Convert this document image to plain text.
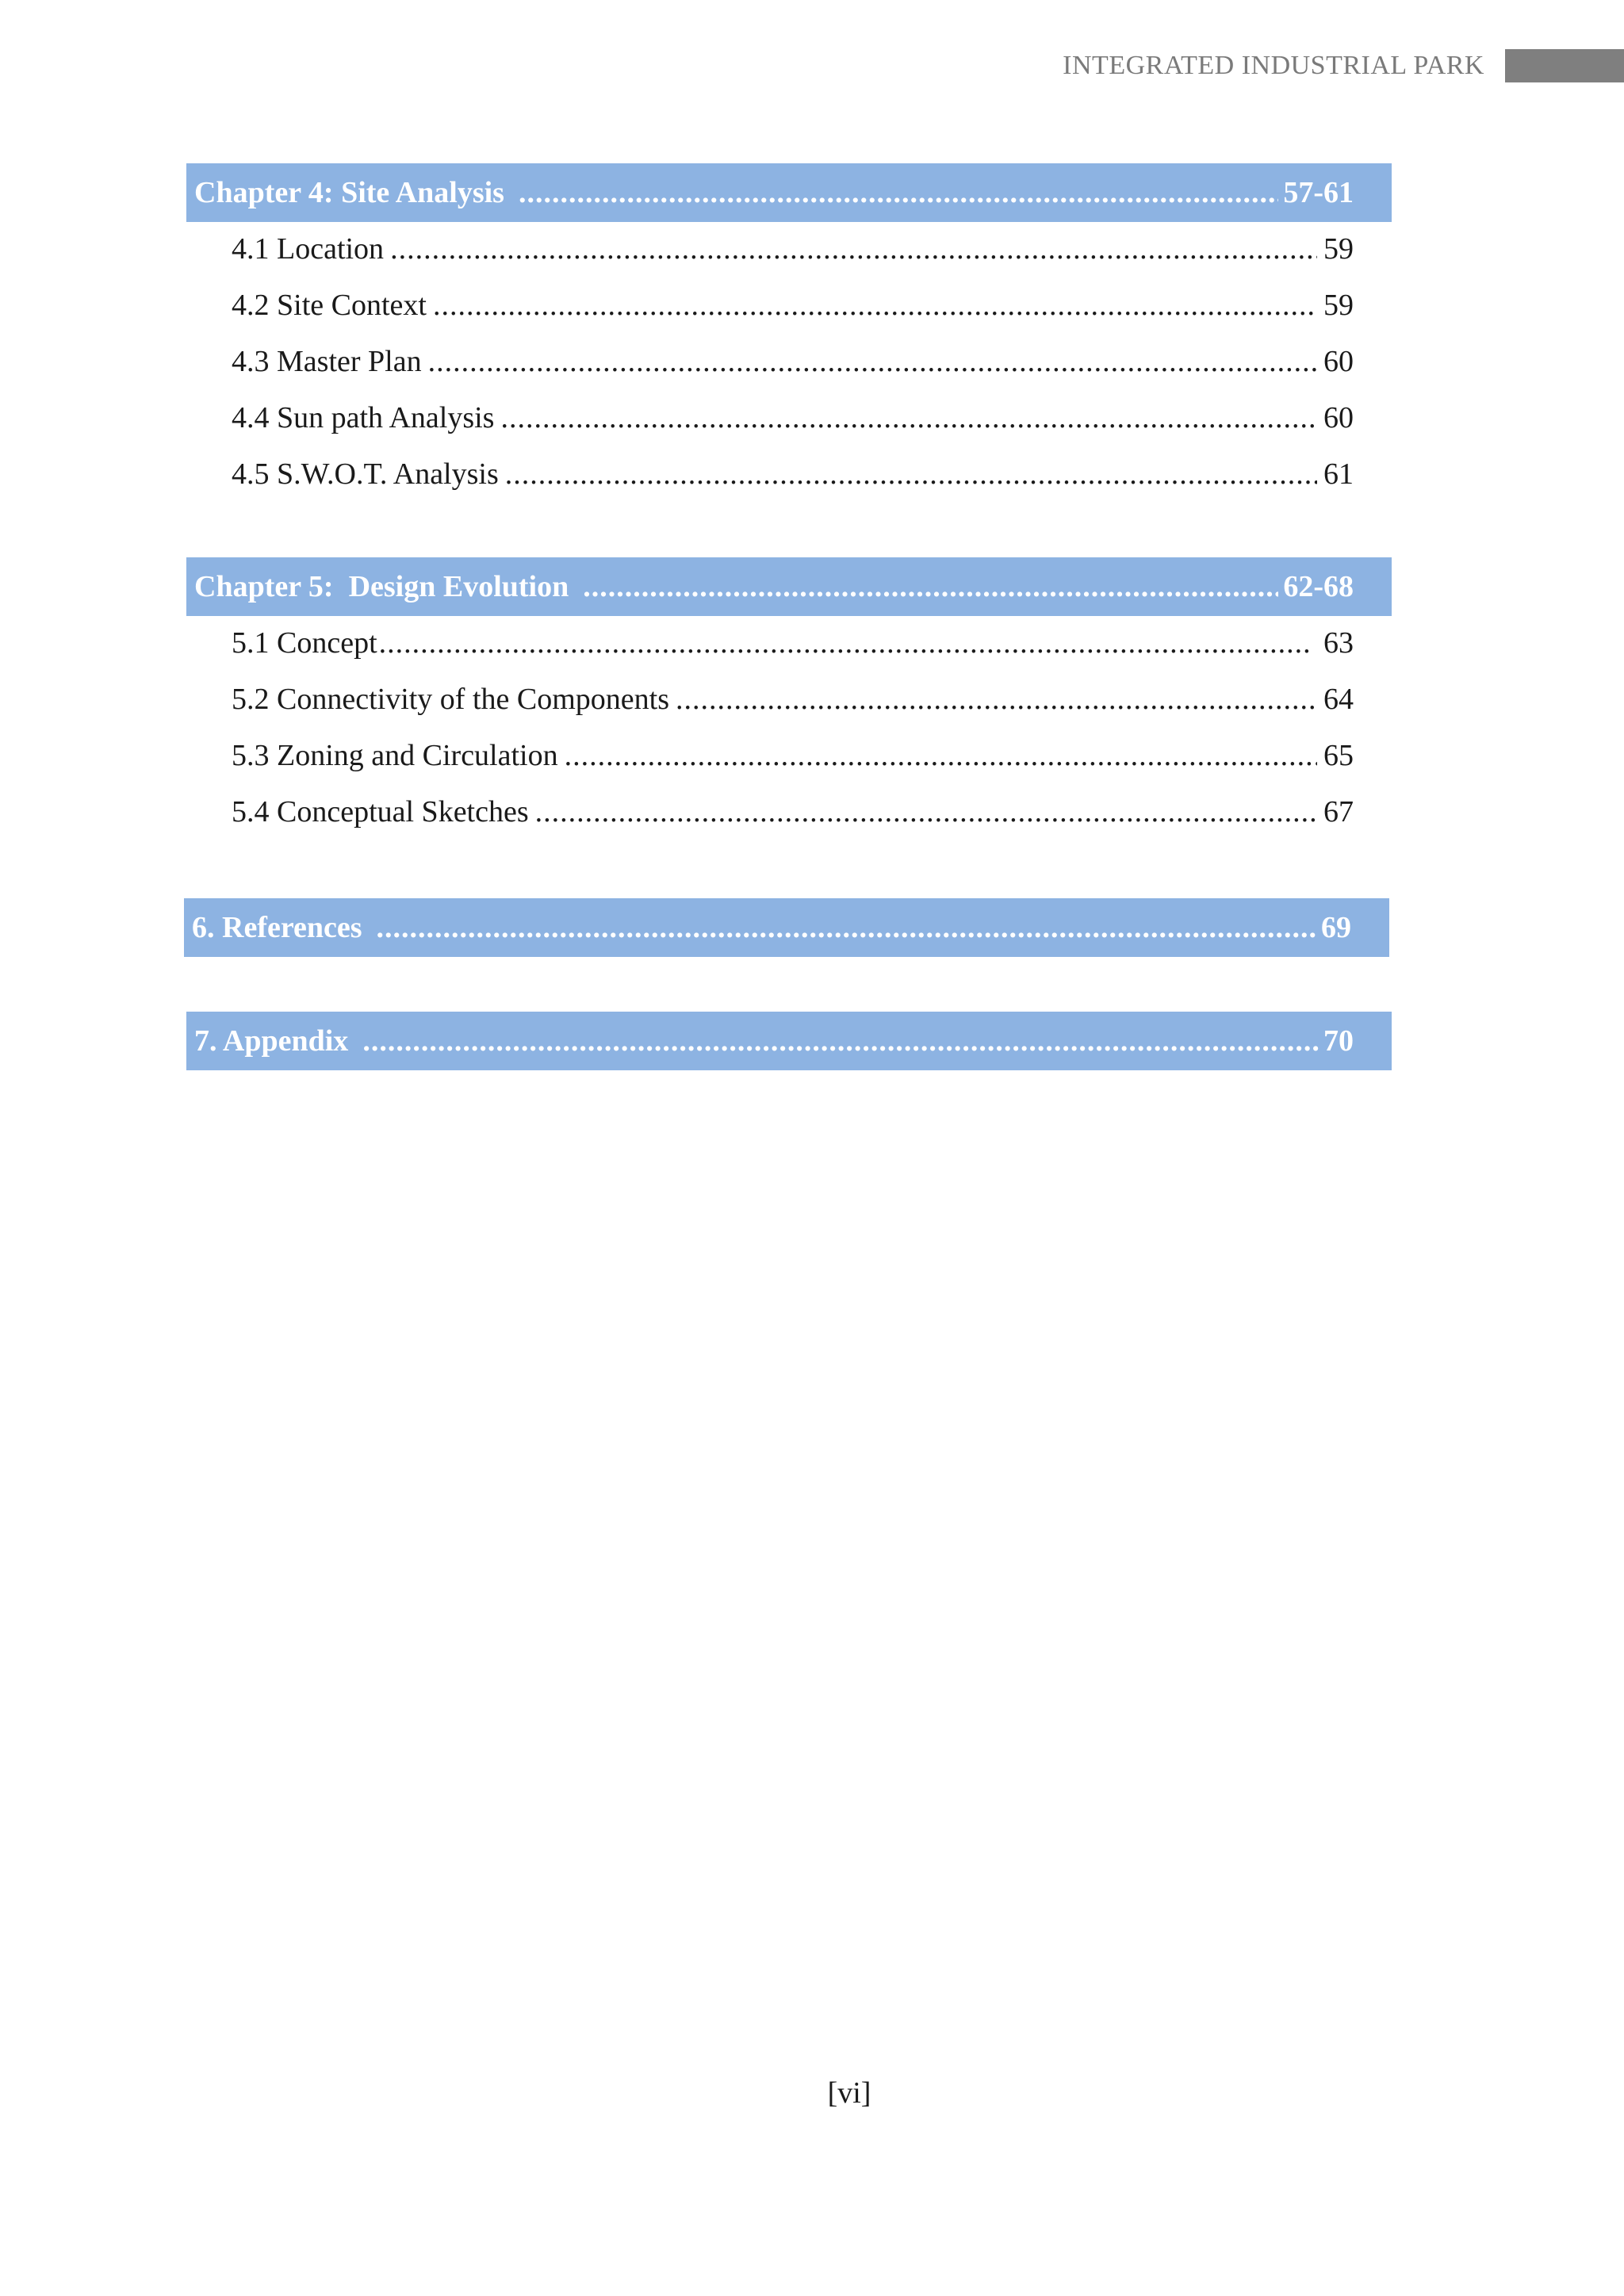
INTEGRATED INDUSTRIAL PARK
Chapter 4: Site Analysis .....	57-61
4.1 Location .....	59
4.2 Site Context .....	59
4.3 Master Plan .....	60
4.4 Sun path Analysis .....	60
4.5 S.W.O.T. Analysis .....	61
Chapter 5:  Design Evolution .....	62-68
5.1 Concept .....	63
5.2 Connectivity of the Components .....	64
5.3 Zoning and Circulation .....	65
5.4 Conceptual Sketches .....	67
6. References .....	69
7. Appendix .....	70
[vi]
